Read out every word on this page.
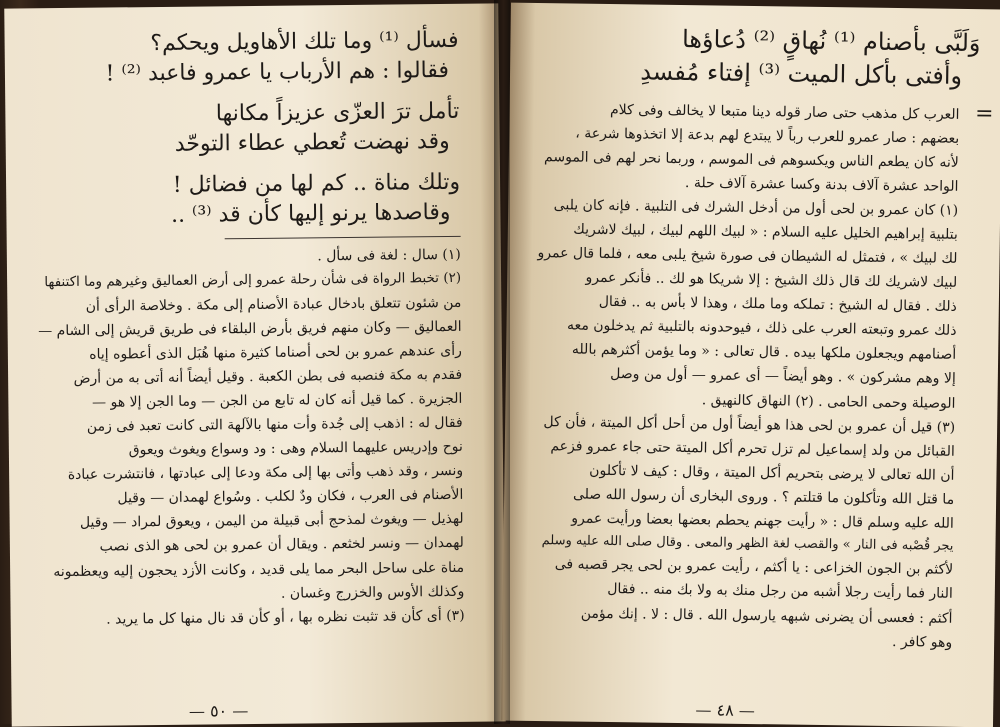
فسأل ⁽¹⁾ وما تلك الأهاويل ويحكم؟
فقالوا : هم الأرباب يا عمرو فاعبد ⁽²⁾ !
تأمل ترَ العزّى عزيزاً مكانها
وقد نهضت تُعطي عطاء التوحّد
وتلك مناة .. كم لها من فضائل !
وقاصدها يرنو إليها كأن قد ⁽³⁾ ..

(١) سال : لغة فى سأل .

(٢) تخبط الرواة فى شأن رحلة عمرو إلى أرض العماليق وغيرهم وما اكتنفها

من شئون تتعلق بادخال عبادة الأصنام إلى مكة . وخلاصة الرأى أن

العماليق — وكان منهم فريق بأرض البلقاء فى طريق قريش إلى الشام —

رأى عندهم عمرو بن لحى أصناما كثيرة منها هُبَل الذى أعطوه إياه

فقدم به مكة فنصبه فى بطن الكعبة . وقيل أيضاً أنه أتى به من أرض

الجزيرة . كما قيل أنه كان له تابع من الجن — وما الجن إلا هو —

فقال له : اذهب إلى جُدة وأت منها بالآلهة التى كانت تعبد فى زمن

نوح وإدريس عليهما السلام وهى : ود وسواع ويغوث ويعوق

ونسر ، وقد ذهب وأتى بها إلى مكة ودعا إلى عبادتها ، فانتشرت عبادة

الأصنام فى العرب ، فكان ودٌ لكلب . وسُواع لهمدان — وقيل

لهذيل — ويغوث لمذحج أبى قبيلة من اليمن ، ويعوق لمراد — وقيل

لهمدان — ونسر لخثعم . ويقال أن عمرو بن لحى هو الذى نصب

مناة على ساحل البحر مما يلى قديد ، وكانت الأزد يحجون إليه ويعظمونه

وكذلك الأوس والخزرج وغسان .

(٣) أى كأن قد تثبت نظره بها ، أو كأن قد نال منها كل ما يريد .

— ٥٠ —
وَلَبَّى بأصنام ⁽¹⁾ نُهاقٍ ⁽²⁾ دُعاؤها
وأفتى بأكل الميت ⁽³⁾ إفتاء مُفسدِ
=

العرب كل مذهب حتى صار قوله دينا متبعا لا يخالف وفى كلام

بعضهم : صار عمرو للعرب رباً لا يبتدع لهم بدعة إلا اتخذوها شرعة ،

لأنه كان يطعم الناس ويكسوهم فى الموسم ، وربما نحر لهم فى الموسم

الواحد عشرة آلاف بدنة وكسا عشرة آلاف حلة .

(١) كان عمرو بن لحى أول من أدخل الشرك فى التلبية . فإنه كان يلبى

بتلبية إبراهيم الخليل عليه السلام : « لبيك اللهم لبيك ، لبيك لاشريك

لك لبيك » ، فتمثل له الشيطان فى صورة شيخ يلبى معه ، فلما قال عمرو

لبيك لاشريك لك قال ذلك الشيخ : إلا شريكا هو لك .. فأنكر عمرو

ذلك . فقال له الشيخ : تملكه وما ملك ، وهذا لا بأس به .. فقال

ذلك عمرو وتبعته العرب على ذلك ، فيوحدونه بالتلبية ثم يدخلون معه

أصنامهم ويجعلون ملكها بيده . قال تعالى : « وما يؤمن أكثرهم بالله

إلا وهم مشركون » . وهو أيضاً — أى عمرو — أول من وصل

الوصيلة وحمى الحامى . (٢) النهاق كالنهيق .

(٣) قيل أن عمرو بن لحى هذا هو أيضاً أول من أحل أكل الميتة ، فأن كل

القبائل من ولد إسماعيل لم تزل تحرم أكل الميتة حتى جاء عمرو فزعم

أن الله تعالى لا يرضى بتحريم أكل الميتة ، وقال : كيف لا تأكلون

ما قتل الله وتأكلون ما قتلتم ؟ . وروى البخارى أن رسول الله صلى

الله عليه وسلم قال : « رأيت جهنم يحطم بعضها بعضا ورأيت عمرو

يجر قُصْبه فى النار » والقصب لغة الظهر والمعى . وقال صلى الله عليه وسلم

لأكثم بن الجون الخزاعى : يا أكثم ، رأيت عمرو بن لحى يجر قصبه فى

النار فما رأيت رجلا أشبه من رجل منك به ولا بك منه .. فقال

أكثم : فعسى أن يضرنى شبهه يارسول الله . قال : لا . إنك مؤمن

وهو كافر .

— ٤٨ —
